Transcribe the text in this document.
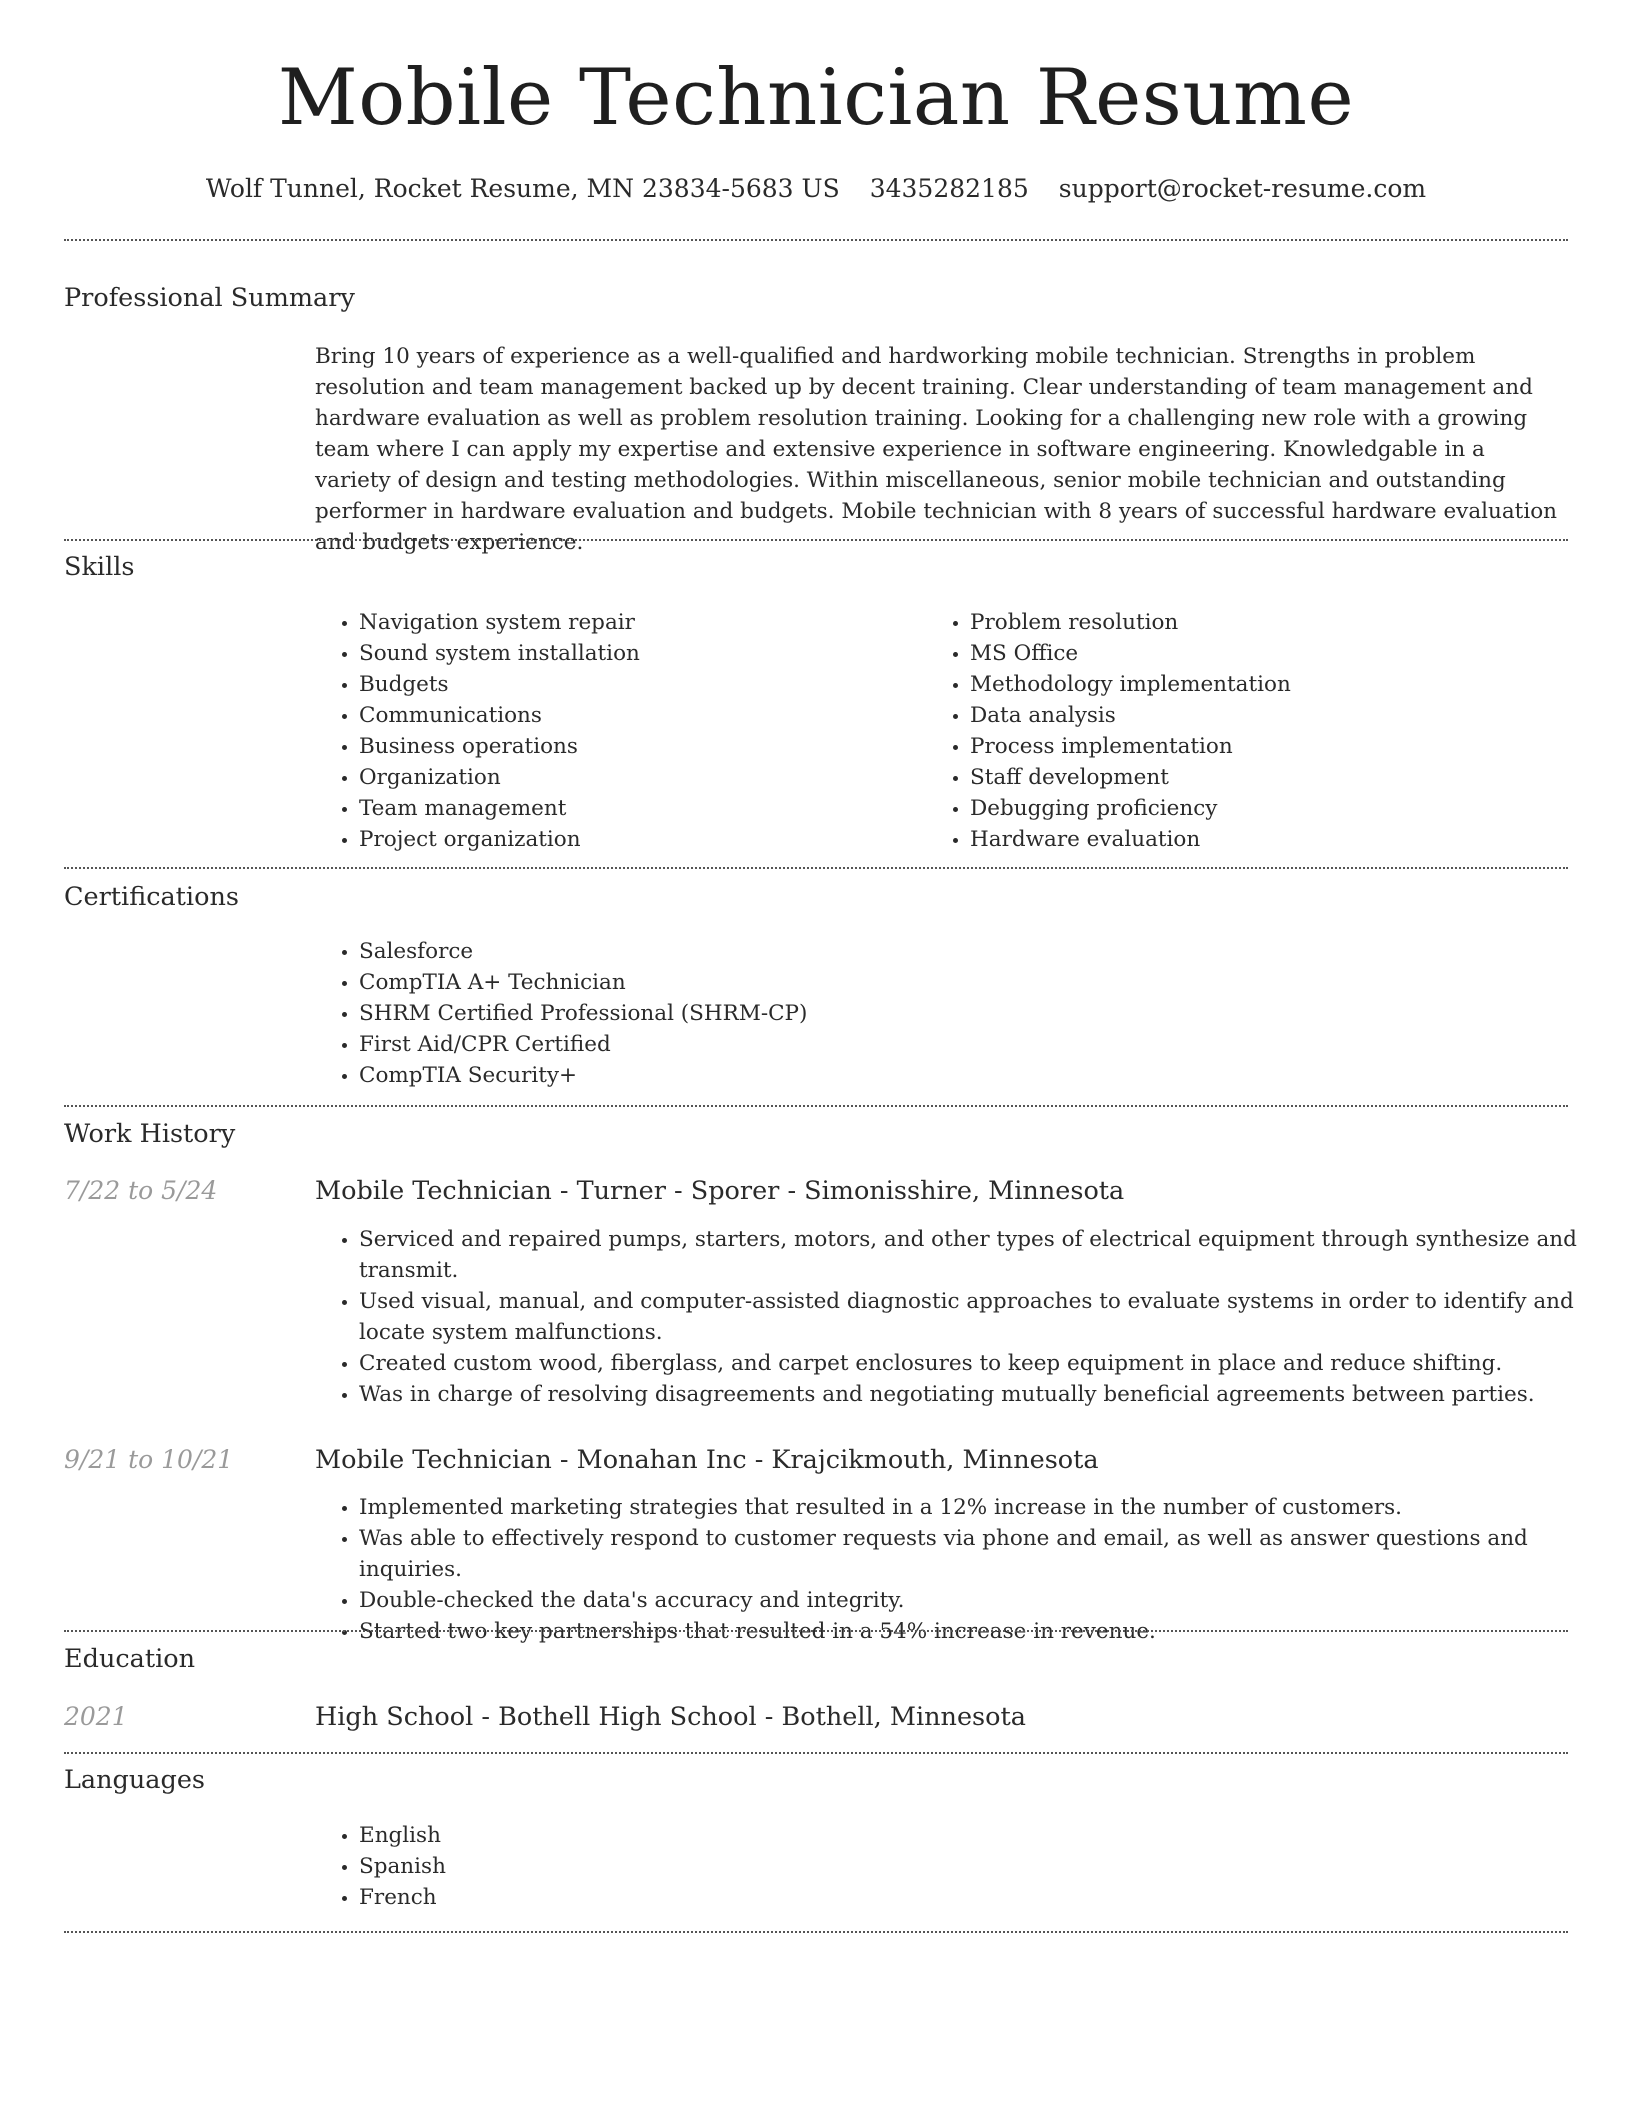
Mobile Technician Resume
Wolf Tunnel, Rocket Resume, MN 23834-5683 US 3435282185 support@rocket-resume.com
Professional Summary

Bring 10 years of experience as a well-qualified and hardworking mobile technician. Strengths in problem resolution and team management backed up by decent training. Clear understanding of team management and hardware evaluation as well as problem resolution training. Looking for a challenging new role with a growing team where I can apply my expertise and extensive experience in software engineering. Knowledgable in a variety of design and testing methodologies. Within miscellaneous, senior mobile technician and outstanding performer in hardware evaluation and budgets. Mobile technician with 8 years of successful hardware evaluation and budgets experience.

Skills
• Navigation system repair
• Sound system installation
• Budgets
• Communications
• Business operations
• Organization
• Team management
• Project organization
• Problem resolution
• MS Office
• Methodology implementation
• Data analysis
• Process implementation
• Staff development
• Debugging proficiency
• Hardware evaluation
Certifications
• Salesforce
• CompTIA A+ Technician
• SHRM Certified Professional (SHRM-CP)
• First Aid/CPR Certified
• CompTIA Security+
Work History
7/22 to 5/24	Mobile Technician - Turner - Sporer - Simonisshire, Minnesota
• Serviced and repaired pumps, starters, motors, and other types of electrical equipment through synthesize and transmit.
• Used visual, manual, and computer-assisted diagnostic approaches to evaluate systems in order to identify and locate system malfunctions.
• Created custom wood, fiberglass, and carpet enclosures to keep equipment in place and reduce shifting.
• Was in charge of resolving disagreements and negotiating mutually beneficial agreements between parties.
9/21 to 10/21	Mobile Technician - Monahan Inc - Krajcikmouth, Minnesota
• Implemented marketing strategies that resulted in a 12% increase in the number of customers.
• Was able to effectively respond to customer requests via phone and email, as well as answer questions and inquiries.
• Double-checked the data's accuracy and integrity.
• Started two key partnerships that resulted in a 54% increase in revenue.
Education
2021	High School - Bothell High School - Bothell, Minnesota
Languages
• English
• Spanish
• French
